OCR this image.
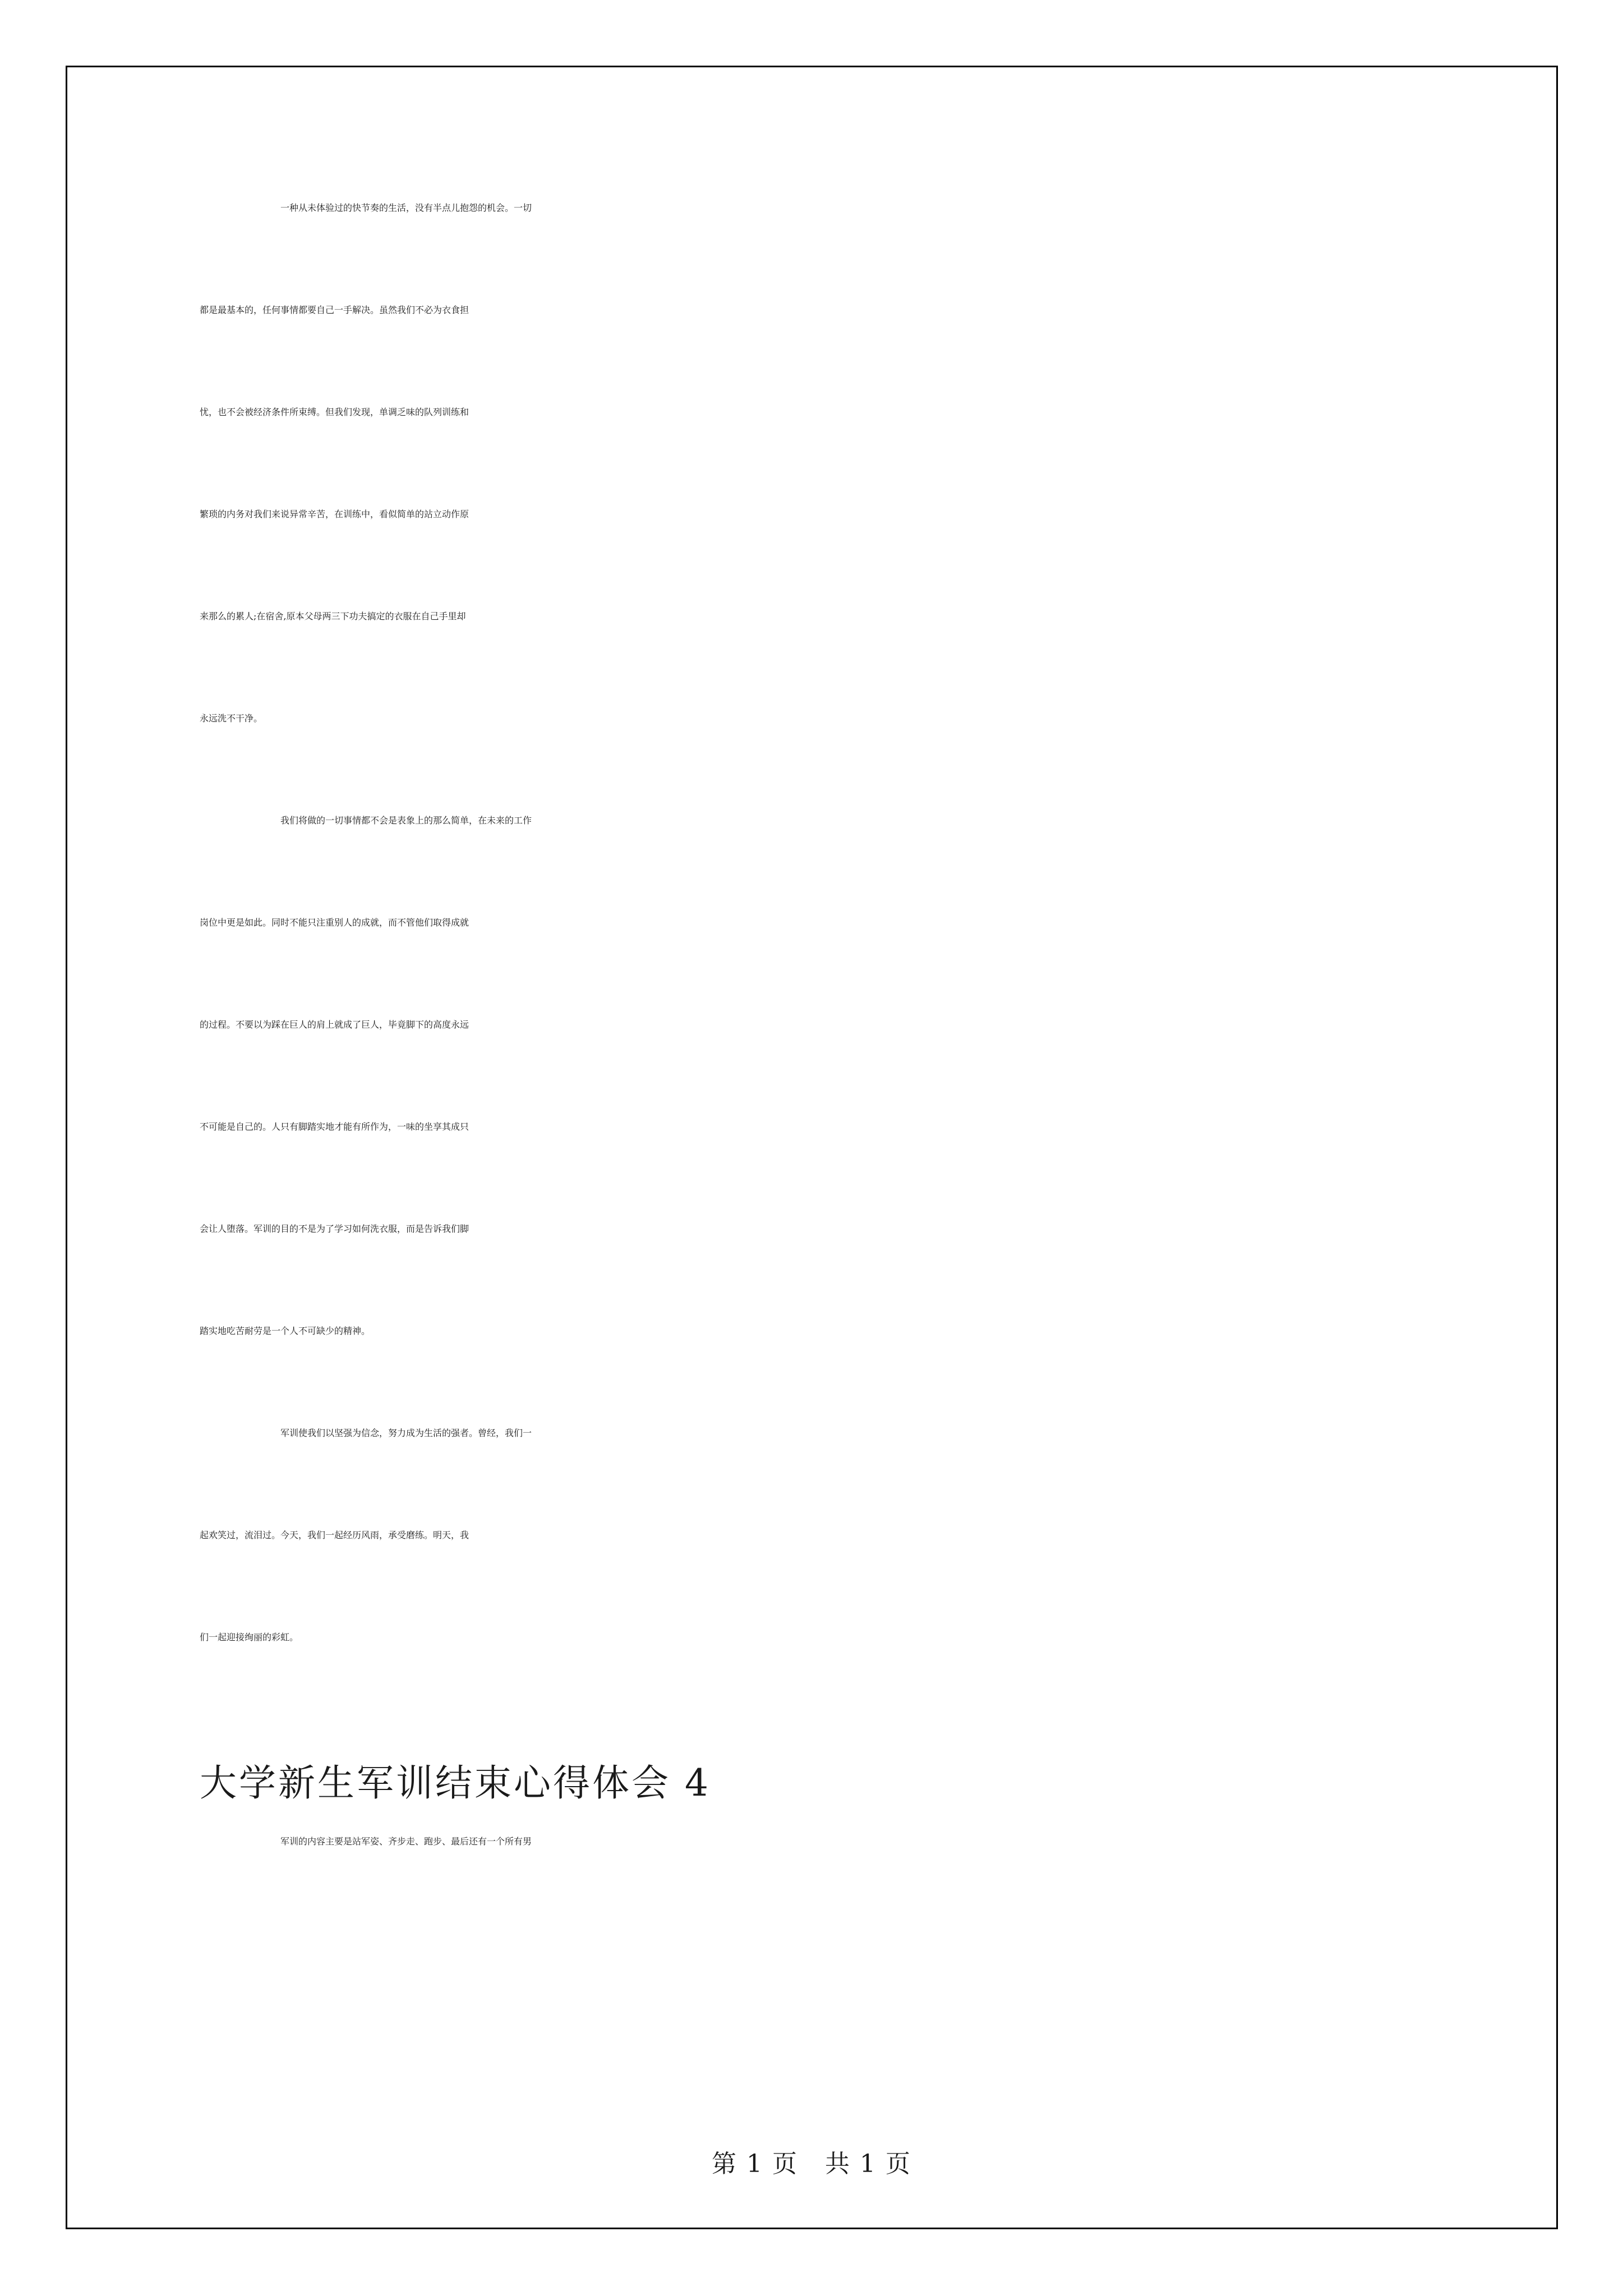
一种从未体验过的快节奏的生活，没有半点儿抱怨的机会。一切
都是最基本的，任何事情都要自己一手解决。虽然我们不必为衣食担
忧，也不会被经济条件所束缚。但我们发现，单调乏味的队列训练和
繁琐的内务对我们来说异常辛苦，在训练中，看似简单的站立动作原
来那么的累人;在宿舍,原本父母两三下功夫搞定的衣服在自己手里却
永远洗不干净。
我们将做的一切事情都不会是表象上的那么简单，在未来的工作
岗位中更是如此。同时不能只注重别人的成就，而不管他们取得成就
的过程。不要以为踩在巨人的肩上就成了巨人，毕竟脚下的高度永远
不可能是自己的。人只有脚踏实地才能有所作为，一味的坐享其成只
会让人堕落。军训的目的不是为了学习如何洗衣服，而是告诉我们脚
踏实地吃苦耐劳是一个人不可缺少的精神。
军训使我们以坚强为信念，努力成为生活的强者。曾经，我们一
起欢笑过，流泪过。今天，我们一起经历风雨，承受磨练。明天，我
们一起迎接绚丽的彩虹。
大学新生军训结束心得体会 4
军训的内容主要是站军姿、齐步走、跑步、最后还有一个所有男
第 1 页 共 1 页
